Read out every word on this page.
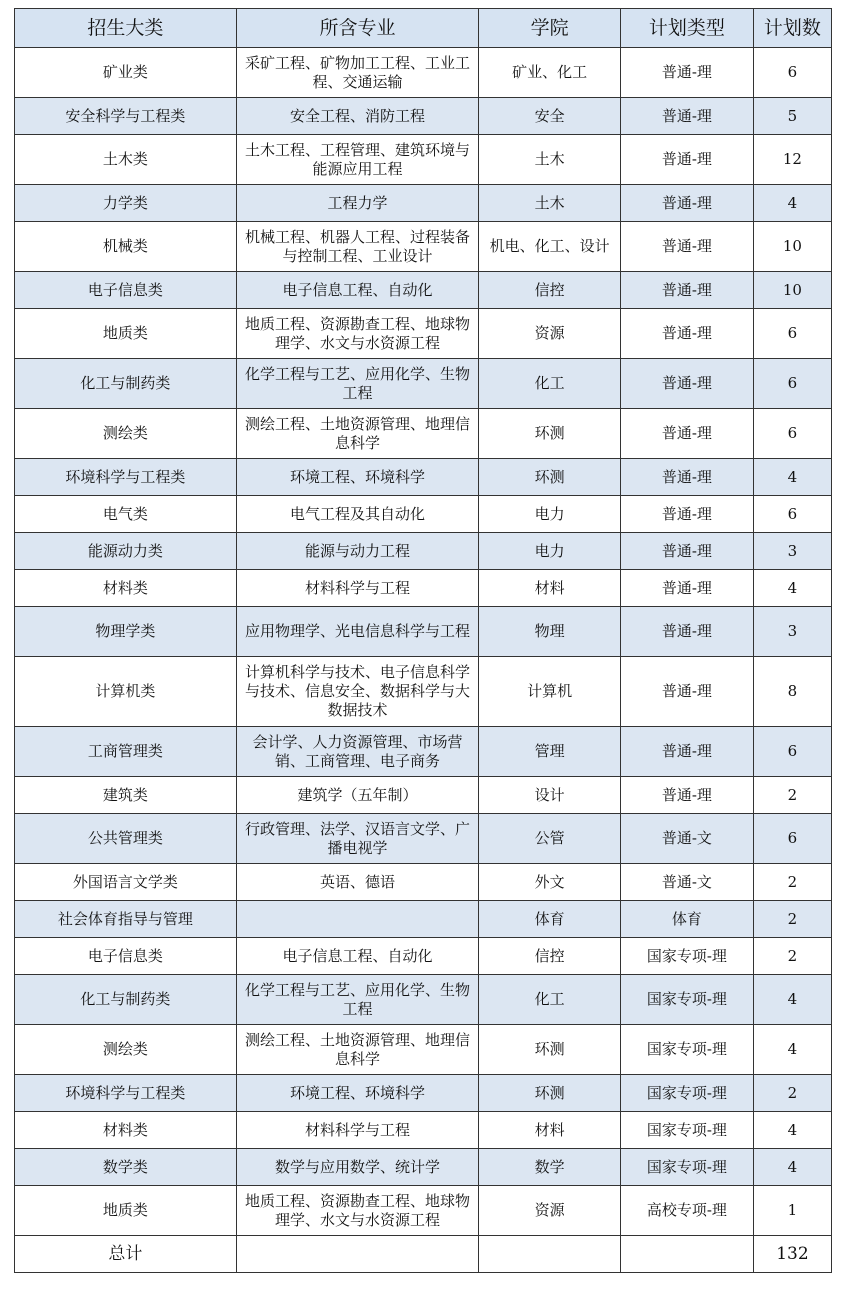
招生大类	所含专业	学院	计划类型	计划数
矿业类	采矿工程、矿物加工工程、工业工程、交通运输	矿业、化工	普通-理	6
安全科学与工程类	安全工程、消防工程	安全	普通-理	5
土木类	土木工程、工程管理、建筑环境与能源应用工程	土木	普通-理	12
力学类	工程力学	土木	普通-理	4
机械类	机械工程、机器人工程、过程装备与控制工程、工业设计	机电、化工、设计	普通-理	10
电子信息类	电子信息工程、自动化	信控	普通-理	10
地质类	地质工程、资源勘查工程、地球物理学、水文与水资源工程	资源	普通-理	6
化工与制药类	化学工程与工艺、应用化学、生物工程	化工	普通-理	6
测绘类	测绘工程、土地资源管理、地理信息科学	环测	普通-理	6
环境科学与工程类	环境工程、环境科学	环测	普通-理	4
电气类	电气工程及其自动化	电力	普通-理	6
能源动力类	能源与动力工程	电力	普通-理	3
材料类	材料科学与工程	材料	普通-理	4
物理学类	应用物理学、光电信息科学与工程	物理	普通-理	3
计算机类	计算机科学与技术、电子信息科学与技术、信息安全、数据科学与大数据技术	计算机	普通-理	8
工商管理类	会计学、人力资源管理、市场营销、工商管理、电子商务	管理	普通-理	6
建筑类	建筑学（五年制）	设计	普通-理	2
公共管理类	行政管理、法学、汉语言文学、广播电视学	公管	普通-文	6
外国语言文学类	英语、德语	外文	普通-文	2
社会体育指导与管理		体育	体育	2
电子信息类	电子信息工程、自动化	信控	国家专项-理	2
化工与制药类	化学工程与工艺、应用化学、生物工程	化工	国家专项-理	4
测绘类	测绘工程、土地资源管理、地理信息科学	环测	国家专项-理	4
环境科学与工程类	环境工程、环境科学	环测	国家专项-理	2
材料类	材料科学与工程	材料	国家专项-理	4
数学类	数学与应用数学、统计学	数学	国家专项-理	4
地质类	地质工程、资源勘查工程、地球物理学、水文与水资源工程	资源	高校专项-理	1
总计				132
